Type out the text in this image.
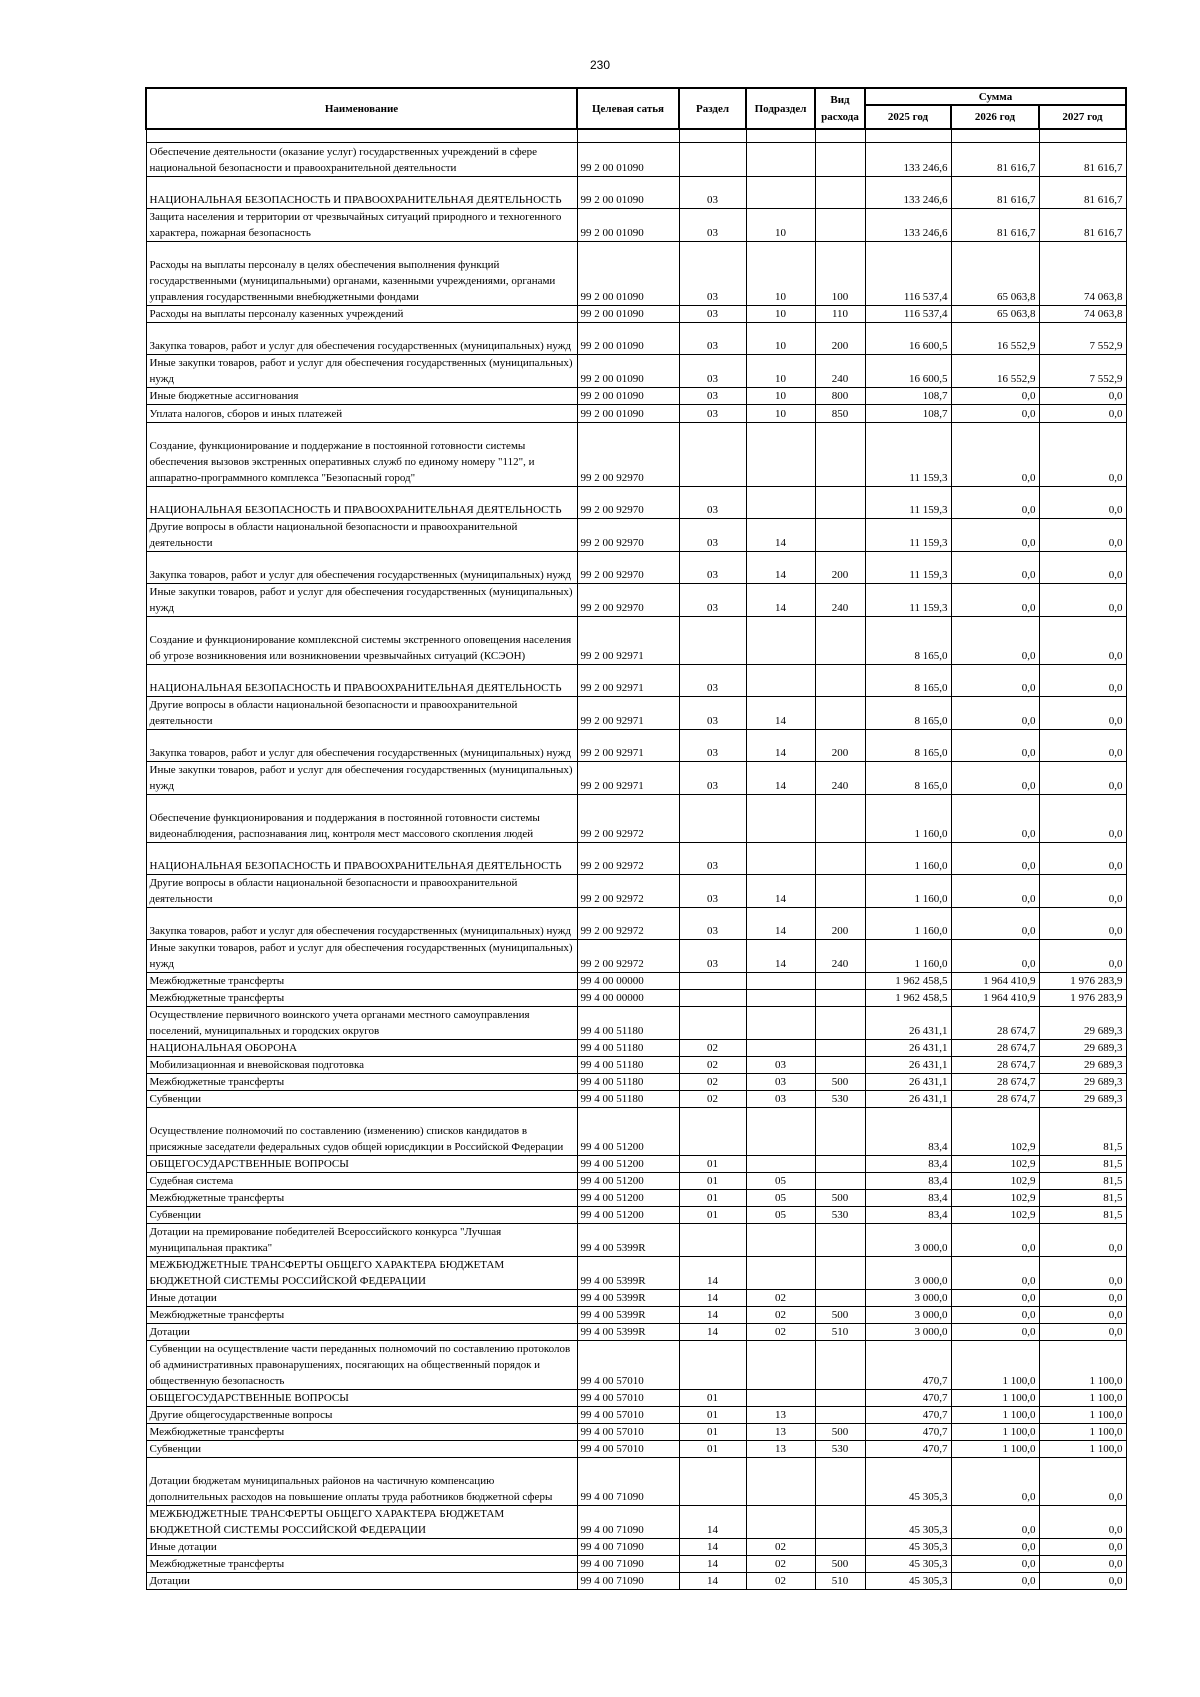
230
Наименование	Целевая сатья	Раздел	Подраздел	Вид расхода	Сумма		
					2025 год	2026 год	2027 год

Обеспечение деятельности (оказание услуг) государственных учреждений в сфере национальной безопасности и правоохранительной деятельности	99 2 00 01090				133 246,6	81 616,7	81 616,7
НАЦИОНАЛЬНАЯ БЕЗОПАСНОСТЬ И ПРАВООХРАНИТЕЛЬНАЯ ДЕЯТЕЛЬНОСТЬ	99 2 00 01090	03			133 246,6	81 616,7	81 616,7
Защита населения и территории от чрезвычайных ситуаций природного и техногенного характера, пожарная безопасность	99 2 00 01090	03	10		133 246,6	81 616,7	81 616,7
Расходы на выплаты персоналу в целях обеспечения выполнения функций государственными (муниципальными) органами, казенными учреждениями, органами управления государственными внебюджетными фондами	99 2 00 01090	03	10	100	116 537,4	65 063,8	74 063,8
Расходы на выплаты персоналу казенных учреждений	99 2 00 01090	03	10	110	116 537,4	65 063,8	74 063,8
Закупка товаров, работ и услуг для обеспечения государственных (муниципальных) нужд	99 2 00 01090	03	10	200	16 600,5	16 552,9	7 552,9
Иные закупки товаров, работ и услуг для обеспечения государственных (муниципальных) нужд	99 2 00 01090	03	10	240	16 600,5	16 552,9	7 552,9
Иные бюджетные ассигнования	99 2 00 01090	03	10	800	108,7	0,0	0,0
Уплата налогов, сборов и иных платежей	99 2 00 01090	03	10	850	108,7	0,0	0,0
Создание, функционирование и поддержание в постоянной готовности системы обеспечения вызовов экстренных оперативных служб по единому номеру "112", и аппаратно-программного комплекса "Безопасный город"	99 2 00 92970				11 159,3	0,0	0,0
НАЦИОНАЛЬНАЯ БЕЗОПАСНОСТЬ И ПРАВООХРАНИТЕЛЬНАЯ ДЕЯТЕЛЬНОСТЬ	99 2 00 92970	03			11 159,3	0,0	0,0
Другие вопросы в области национальной безопасности и правоохранительной деятельности	99 2 00 92970	03	14		11 159,3	0,0	0,0
Закупка товаров, работ и услуг для обеспечения государственных (муниципальных) нужд	99 2 00 92970	03	14	200	11 159,3	0,0	0,0
Иные закупки товаров, работ и услуг для обеспечения государственных (муниципальных) нужд	99 2 00 92970	03	14	240	11 159,3	0,0	0,0
Создание и функционирование комплексной системы экстренного оповещения населения об угрозе возникновения или возникновении чрезвычайных ситуаций (КСЭОН)	99 2 00 92971				8 165,0	0,0	0,0
НАЦИОНАЛЬНАЯ БЕЗОПАСНОСТЬ И ПРАВООХРАНИТЕЛЬНАЯ ДЕЯТЕЛЬНОСТЬ	99 2 00 92971	03			8 165,0	0,0	0,0
Другие вопросы в области национальной безопасности и правоохранительной деятельности	99 2 00 92971	03	14		8 165,0	0,0	0,0
Закупка товаров, работ и услуг для обеспечения государственных (муниципальных) нужд	99 2 00 92971	03	14	200	8 165,0	0,0	0,0
Иные закупки товаров, работ и услуг для обеспечения государственных (муниципальных) нужд	99 2 00 92971	03	14	240	8 165,0	0,0	0,0
Обеспечение функционирования и поддержания в постоянной готовности системы видеонаблюдения, распознавания лиц, контроля мест массового скопления людей	99 2 00 92972				1 160,0	0,0	0,0
НАЦИОНАЛЬНАЯ БЕЗОПАСНОСТЬ И ПРАВООХРАНИТЕЛЬНАЯ ДЕЯТЕЛЬНОСТЬ	99 2 00 92972	03			1 160,0	0,0	0,0
Другие вопросы в области национальной безопасности и правоохранительной деятельности	99 2 00 92972	03	14		1 160,0	0,0	0,0
Закупка товаров, работ и услуг для обеспечения государственных (муниципальных) нужд	99 2 00 92972	03	14	200	1 160,0	0,0	0,0
Иные закупки товаров, работ и услуг для обеспечения государственных (муниципальных) нужд	99 2 00 92972	03	14	240	1 160,0	0,0	0,0
Межбюджетные трансферты	99 4 00 00000				1 962 458,5	1 964 410,9	1 976 283,9
Межбюджетные трансферты	99 4 00 00000				1 962 458,5	1 964 410,9	1 976 283,9
Осуществление первичного воинского учета органами местного самоуправления поселений, муниципальных и городских округов	99 4 00 51180				26 431,1	28 674,7	29 689,3
НАЦИОНАЛЬНАЯ ОБОРОНА	99 4 00 51180	02			26 431,1	28 674,7	29 689,3
Мобилизационная и вневойсковая подготовка	99 4 00 51180	02	03		26 431,1	28 674,7	29 689,3
Межбюджетные трансферты	99 4 00 51180	02	03	500	26 431,1	28 674,7	29 689,3
Субвенции	99 4 00 51180	02	03	530	26 431,1	28 674,7	29 689,3
Осуществление полномочий по составлению (изменению) списков кандидатов в присяжные заседатели федеральных судов общей юрисдикции в Российской Федерации	99 4 00 51200				83,4	102,9	81,5
ОБЩЕГОСУДАРСТВЕННЫЕ ВОПРОСЫ	99 4 00 51200	01			83,4	102,9	81,5
Судебная система	99 4 00 51200	01	05		83,4	102,9	81,5
Межбюджетные трансферты	99 4 00 51200	01	05	500	83,4	102,9	81,5
Субвенции	99 4 00 51200	01	05	530	83,4	102,9	81,5
Дотации на премирование победителей Всероссийского конкурса "Лучшая муниципальная практика"	99 4 00 5399R				3 000,0	0,0	0,0
МЕЖБЮДЖЕТНЫЕ ТРАНСФЕРТЫ ОБЩЕГО ХАРАКТЕРА БЮДЖЕТАМ БЮДЖЕТНОЙ СИСТЕМЫ РОССИЙСКОЙ ФЕДЕРАЦИИ	99 4 00 5399R	14			3 000,0	0,0	0,0
Иные дотации	99 4 00 5399R	14	02		3 000,0	0,0	0,0
Межбюджетные трансферты	99 4 00 5399R	14	02	500	3 000,0	0,0	0,0
Дотации	99 4 00 5399R	14	02	510	3 000,0	0,0	0,0
Субвенции на осуществление части переданных полномочий по составлению протоколов об административных правонарушениях, посягающих на общественный порядок и общественную безопасность	99 4 00 57010				470,7	1 100,0	1 100,0
ОБЩЕГОСУДАРСТВЕННЫЕ ВОПРОСЫ	99 4 00 57010	01			470,7	1 100,0	1 100,0
Другие общегосударственные вопросы	99 4 00 57010	01	13		470,7	1 100,0	1 100,0
Межбюджетные трансферты	99 4 00 57010	01	13	500	470,7	1 100,0	1 100,0
Субвенции	99 4 00 57010	01	13	530	470,7	1 100,0	1 100,0
Дотации бюджетам муниципальных районов на частичную компенсацию дополнительных расходов на повышение оплаты труда работников бюджетной сферы	99 4 00 71090				45 305,3	0,0	0,0
МЕЖБЮДЖЕТНЫЕ ТРАНСФЕРТЫ ОБЩЕГО ХАРАКТЕРА БЮДЖЕТАМ БЮДЖЕТНОЙ СИСТЕМЫ РОССИЙСКОЙ ФЕДЕРАЦИИ	99 4 00 71090	14			45 305,3	0,0	0,0
Иные дотации	99 4 00 71090	14	02		45 305,3	0,0	0,0
Межбюджетные трансферты	99 4 00 71090	14	02	500	45 305,3	0,0	0,0
Дотации	99 4 00 71090	14	02	510	45 305,3	0,0	0,0
